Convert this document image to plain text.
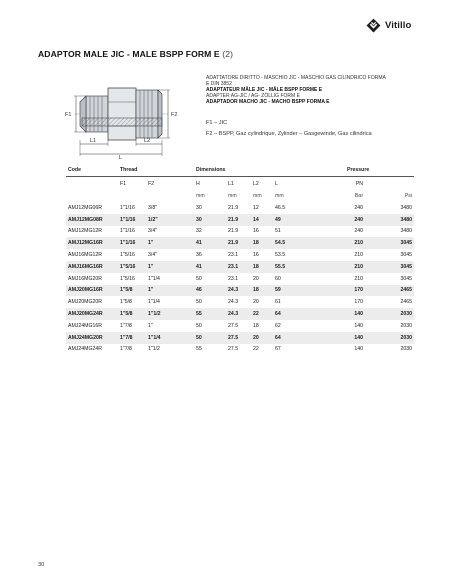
Vitillo
ADAPTOR MALE JIC - MALE BSPP FORM E (2)
F1	F2
L1	L2
L
ADATTATORE DIRITTO - MASCHIO JIC - MASCHIO GAS CILINDRICO FORMA
E DIN 3852
ADAPTATEUR MÂLE JIC - MÂLE BSPP FORME E
ADAPTER AG-JIC / AG- ZÖLLIG FORM E
ADAPTADOR MACHO JIC - MACHO BSPP FORMA E
F1 – JIC
F2 – BSPP, Gaz cylindrique, Zylinder – Gasgewinde, Gas cilindrica
Code	Thread		Dimensions				Pressure	
	F1	F2	H	L1	L2	L	PN	
			mm	mm	mm	mm	Bar	Psi
AMJ12MG06R	1"1/16	3/8"	30	21.9	12	46.5	240	3480
AMJ12MG08R	1"1/16	1/2"	30	21.9	14	49	240	3480
AMJ12MG12R	1"1/16	3/4"	32	21.9	16	51	240	3480
AMJ12MG16R	1"1/16	1"	41	21.9	18	54.5	210	3045
AMJ16MG12R	1"5/16	3/4"	36	23.1	16	53.5	210	3045
AMJ16MG16R	1"5/16	1"	41	23.1	18	55.5	210	3045
AMJ16MG20R	1"5/16	1"1/4	50	23.1	20	60	210	3045
AMJ20MG16R	1"5/8	1"	46	24.3	18	59	170	2465
AMJ20MG20R	1"5/8	1"1/4	50	24.3	20	61	170	2465
AMJ20MG24R	1"5/8	1"1/2	55	24.3	22	64	140	2030
AMJ24MG16R	1"7/8	1"	50	27.5	18	62	140	2030
AMJ24MG20R	1"7/8	1"1/4	50	27.5	20	64	140	2030
AMJ24MG24R	1"7/8	1"1/2	55	27.5	22	67	140	2030
30
